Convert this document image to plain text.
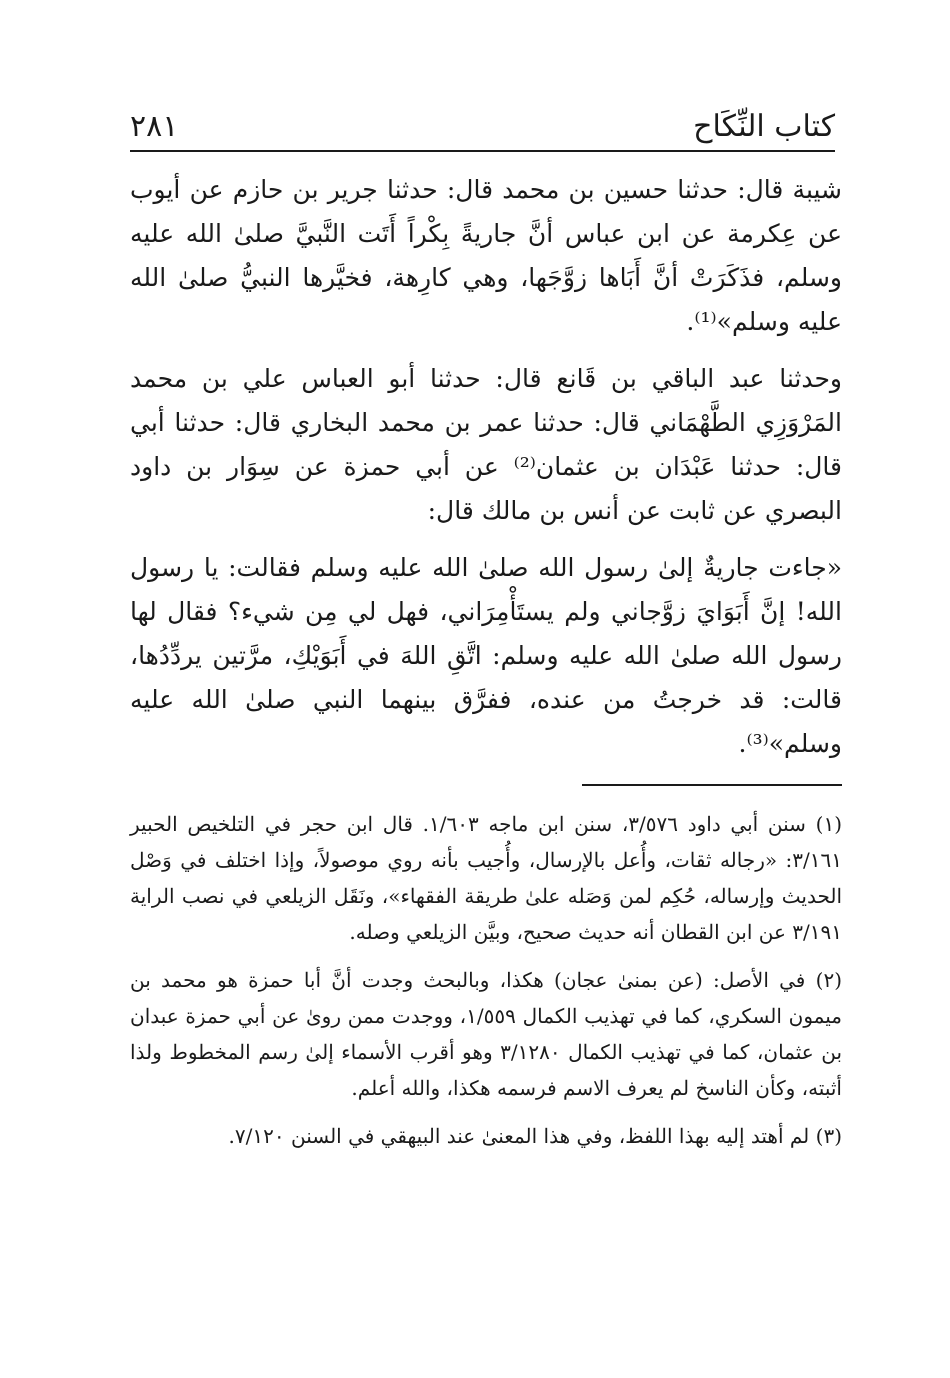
كتاب النِّكَاح
٢٨١

شيبة قال: حدثنا حسين بن محمد قال: حدثنا جرير بن حازم عن أيوب عن عِكرمة عن ابن عباس أنَّ جاريةً بِكْراً أَتَت النَّبيَّ صلىٰ الله عليه وسلم، فذَكَرَتْ أنَّ أَبَاها زوَّجَها، وهي كارِهة، فخيَّرها النبيُّ صلىٰ الله عليه وسلم»⁽¹⁾.

وحدثنا عبد الباقي بن قَانع قال: حدثنا أبو العباس علي بن محمد المَرْوَزِي الطَّهْمَاني قال: حدثنا عمر بن محمد البخاري قال: حدثنا أبي قال: حدثنا عَبْدَان بن عثمان⁽²⁾ عن أبي حمزة عن سِوَار بن داود البصري عن ثابت عن أنس بن مالك قال:

«جاءت جاريةٌ إلىٰ رسول الله صلىٰ الله عليه وسلم فقالت: يا رسول الله! إنَّ أَبَوَايَ زوَّجاني ولم يستَأْمِرَاني، فهل لي مِن شيء؟ فقال لها رسول الله صلىٰ الله عليه وسلم: اتَّقِ اللهَ في أَبَوَيْكِ، مرَّتين يردِّدُها، قالت: قد خرجتُ من عنده، ففرَّق بينهما النبي صلىٰ الله عليه وسلم»⁽³⁾.

(١) سنن أبي داود ٣/٥٧٦، سنن ابن ماجه ١/٦٠٣. قال ابن حجر في التلخيص الحبير ٣/١٦١: «رجاله ثقات، وأُعل بالإرسال، وأُجيب بأنه روي موصولاً، وإذا اختلف في وَصْل الحديث وإرساله، حُكِم لمن وَصَله علىٰ طريقة الفقهاء»، ونَقَل الزيلعي في نصب الراية ٣/١٩١ عن ابن القطان أنه حديث صحيح، وبيَّن الزيلعي وصله.

(٢) في الأصل: (عن بمنىٰ عجان) هكذا، وبالبحث وجدت أنَّ أبا حمزة هو محمد بن ميمون السكري، كما في تهذيب الكمال ١/٥٥٩، ووجدت ممن روىٰ عن أبي حمزة عبدان بن عثمان، كما في تهذيب الكمال ٣/١٢٨٠ وهو أقرب الأسماء إلىٰ رسم المخطوط ولذا أثبته، وكأن الناسخ لم يعرف الاسم فرسمه هكذا، والله أعلم.

(٣) لم أهتد إليه بهذا اللفظ، وفي هذا المعنىٰ عند البيهقي في السنن ٧/١٢٠.
